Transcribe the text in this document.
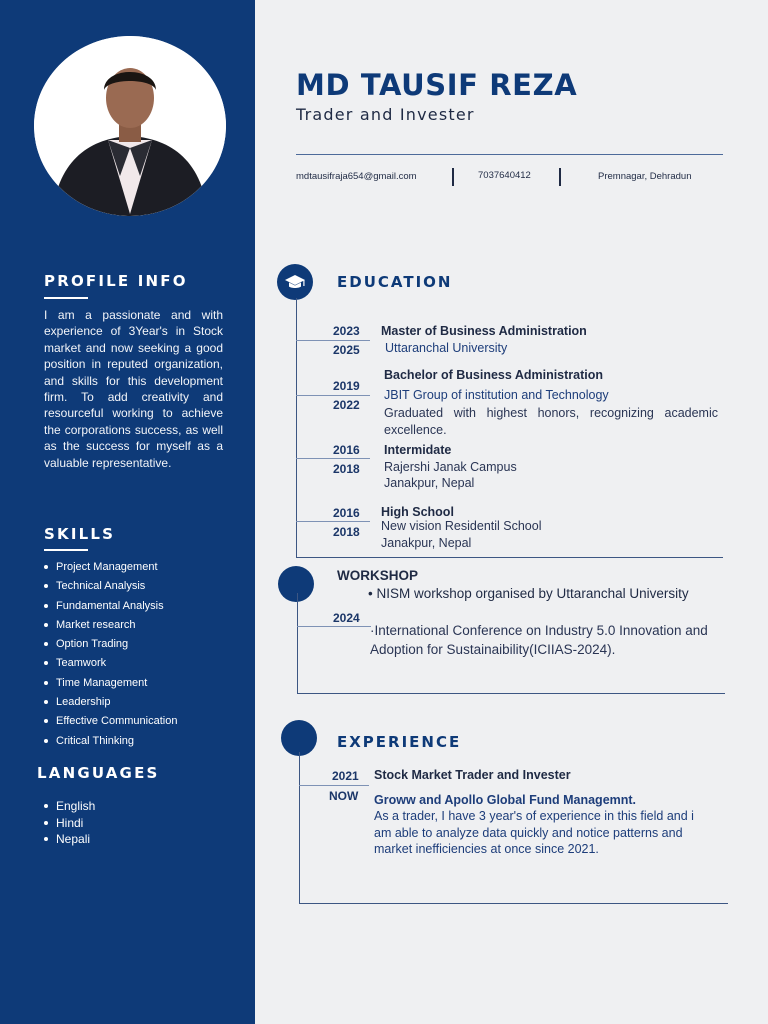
PROFILE INFO

I am a passionate and with experience of 3Year's in Stock market and now seeking a good position in reputed organization, and skills for this development firm. To add creativity and resourceful working to achieve the corporations success, as well as the success for myself as a valuable representative.

SKILLS
Project Management
Technical Analysis
Fundamental Analysis
Market research
Option Trading
Teamwork
Time Management
Leadership
Effective Communication
Critical Thinking
LANGUAGES
English
Hindi
Nepali
MD TAUSIF REZA
Trader and Invester
mdtausifraja654@gmail.com	7037640412	Premnagar, Dehradun
EDUCATION
2023
2025
Master of Business Administration
Uttaranchal University
2019
2022
Bachelor of Business Administration
JBIT Group of institution and Technology
Graduated with highest honors, recognizing academic excellence.
2016
2018
Intermidate
Rajershi Janak Campus
Janakpur, Nepal
2016
2018
High School
New vision Residentil School
Janakpur, Nepal
WORKSHOP
• NISM workshop organised by Uttaranchal University
2024
·International Conference on Industry 5.0 Innovation and Adoption for Sustainaibility(ICIIAS-2024).
EXPERIENCE
2021
NOW
Stock Market Trader and Invester
Groww and Apollo Global Fund Managemnt.
As a trader, I have 3 year's of experience in this field and i am able to analyze data quickly and notice patterns and market inefficiencies at once since 2021.
